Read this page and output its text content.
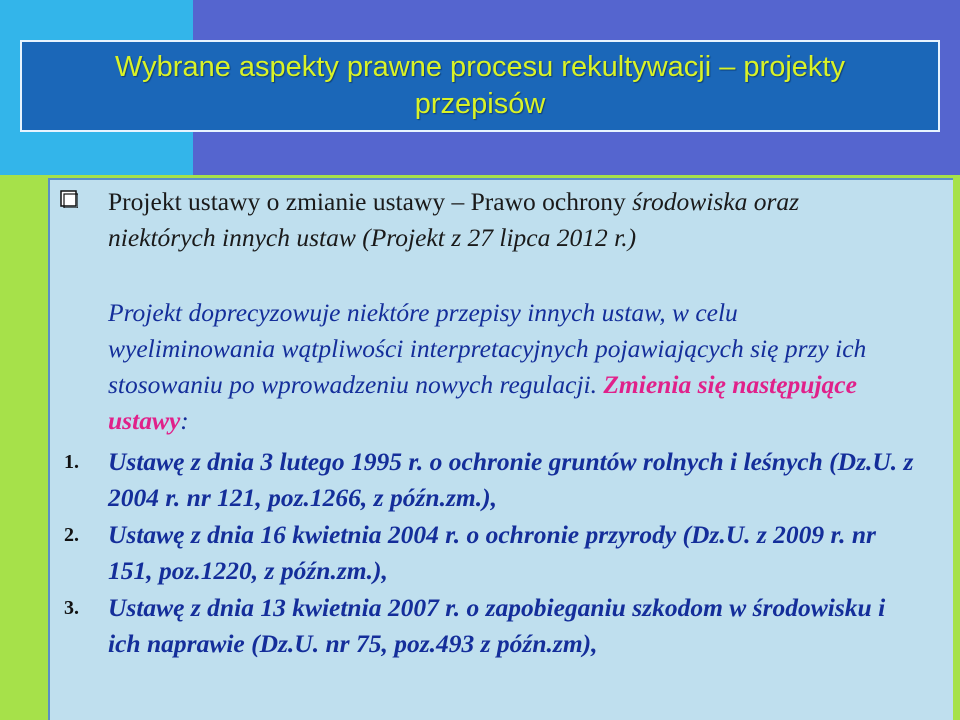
Wybrane aspekty prawne procesu rekultywacji – projekty przepisów
Projekt ustawy o zmianie ustawy – Prawo ochrony środowiska oraz niektórych innych ustaw (Projekt z 27 lipca 2012 r.)
Projekt doprecyzowuje niektóre przepisy innych ustaw, w celu wyeliminowania wątpliwości interpretacyjnych pojawiających się przy ich stosowaniu po wprowadzeniu nowych regulacji. Zmienia się następujące ustawy:
1. Ustawę z dnia 3 lutego 1995 r. o ochronie gruntów rolnych i leśnych (Dz.U. z 2004 r. nr 121, poz.1266, z późn.zm.),
2. Ustawę z dnia 16 kwietnia 2004 r. o ochronie przyrody (Dz.U. z 2009 r. nr 151, poz.1220, z późn.zm.),
3. Ustawę z dnia 13 kwietnia 2007 r. o zapobieganiu szkodom w środowisku i ich naprawie (Dz.U. nr 75, poz.493 z późn.zm),
